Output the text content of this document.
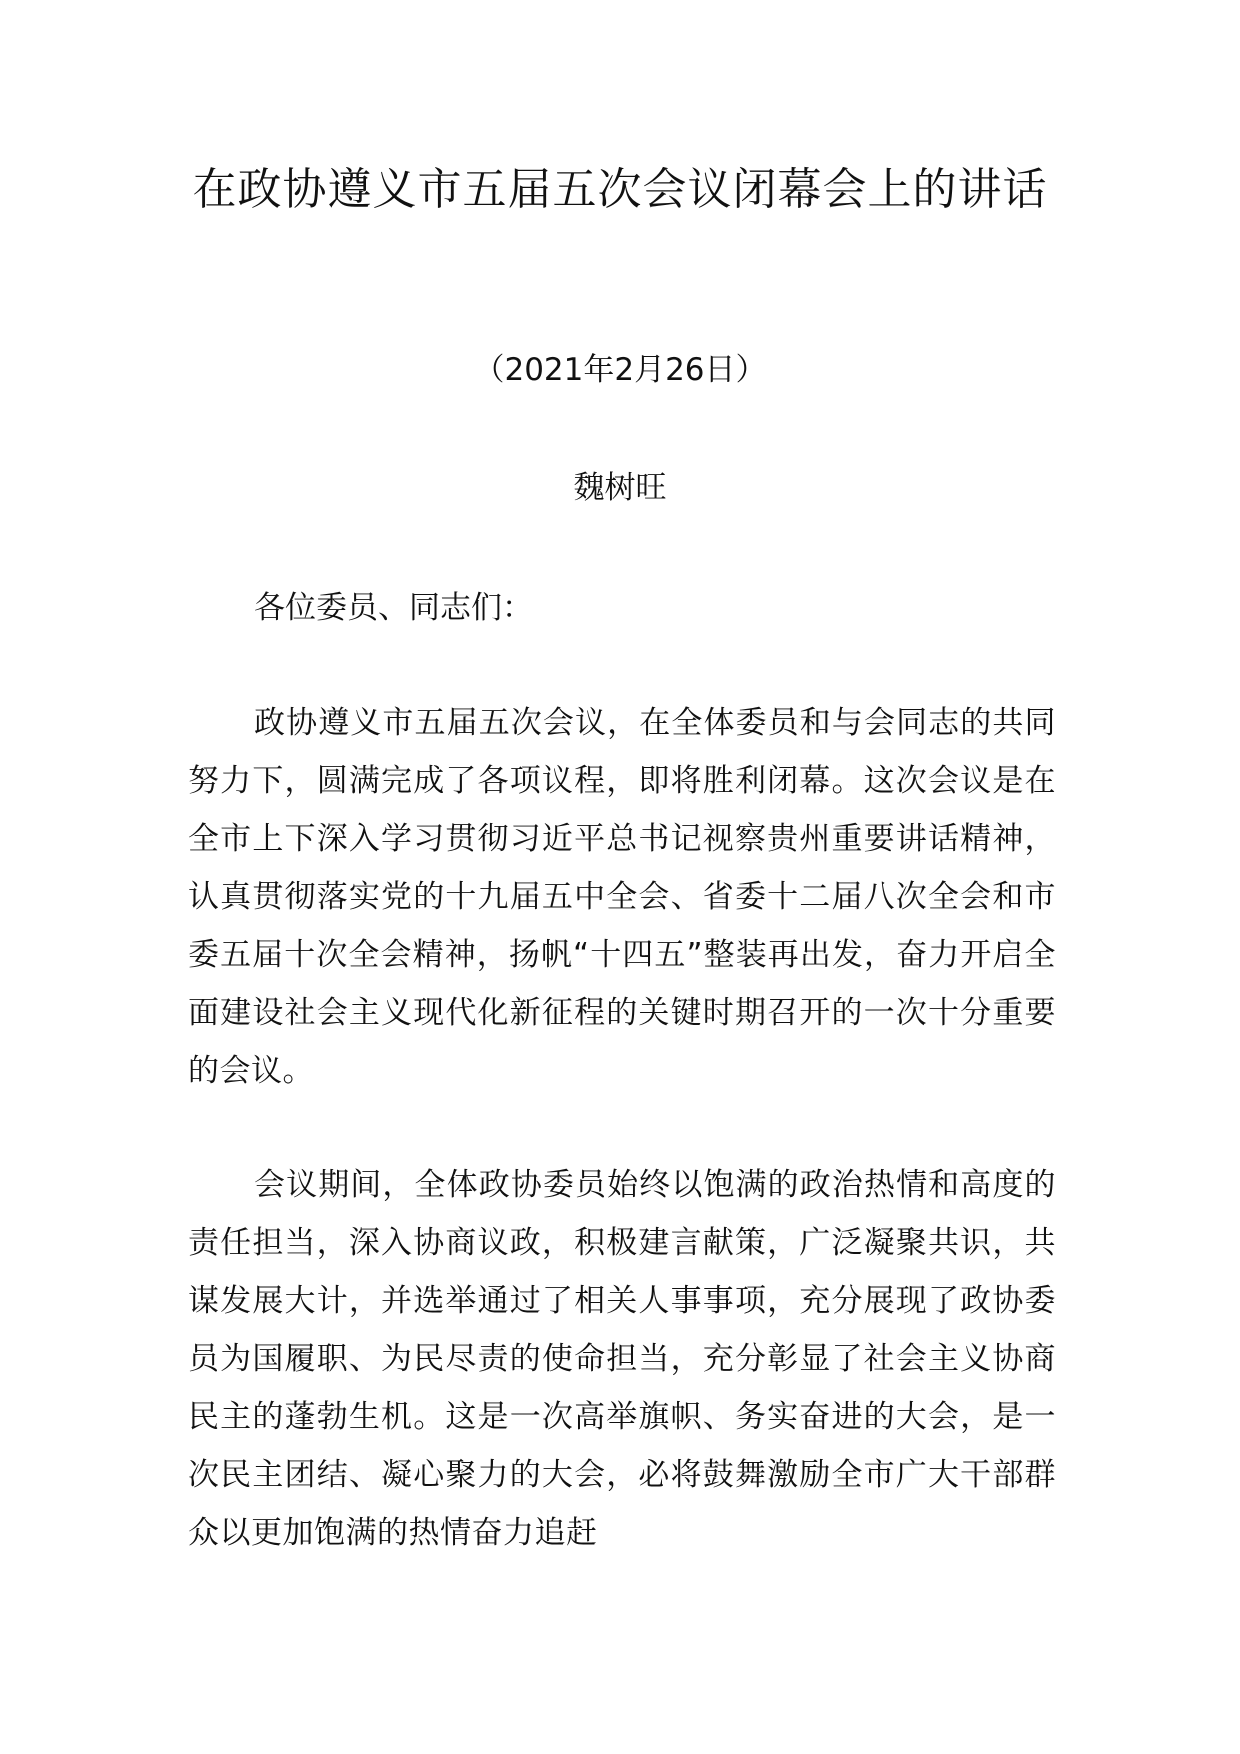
在政协遵义市五届五次会议闭幕会上的讲话

（2021年2月26日）

魏树旺

各位委员、同志们：

政协遵义市五届五次会议，在全体委员和与会同志的共同努力下，圆满完成了各项议程，即将胜利闭幕。这次会议是在全市上下深入学习贯彻习近平总书记视察贵州重要讲话精神，认真贯彻落实党的十九届五中全会、省委十二届八次全会和市委五届十次全会精神，扬帆“十四五”整装再出发，奋力开启全面建设社会主义现代化新征程的关键时期召开的一次十分重要的会议。

会议期间，全体政协委员始终以饱满的政治热情和高度的责任担当，深入协商议政，积极建言献策，广泛凝聚共识，共谋发展大计，并选举通过了相关人事事项，充分展现了政协委员为国履职、为民尽责的使命担当，充分彰显了社会主义协商民主的蓬勃生机。这是一次高举旗帜、务实奋进的大会，是一次民主团结、凝心聚力的大会，必将鼓舞激励全市广大干部群众以更加饱满的热情奋力追赶
